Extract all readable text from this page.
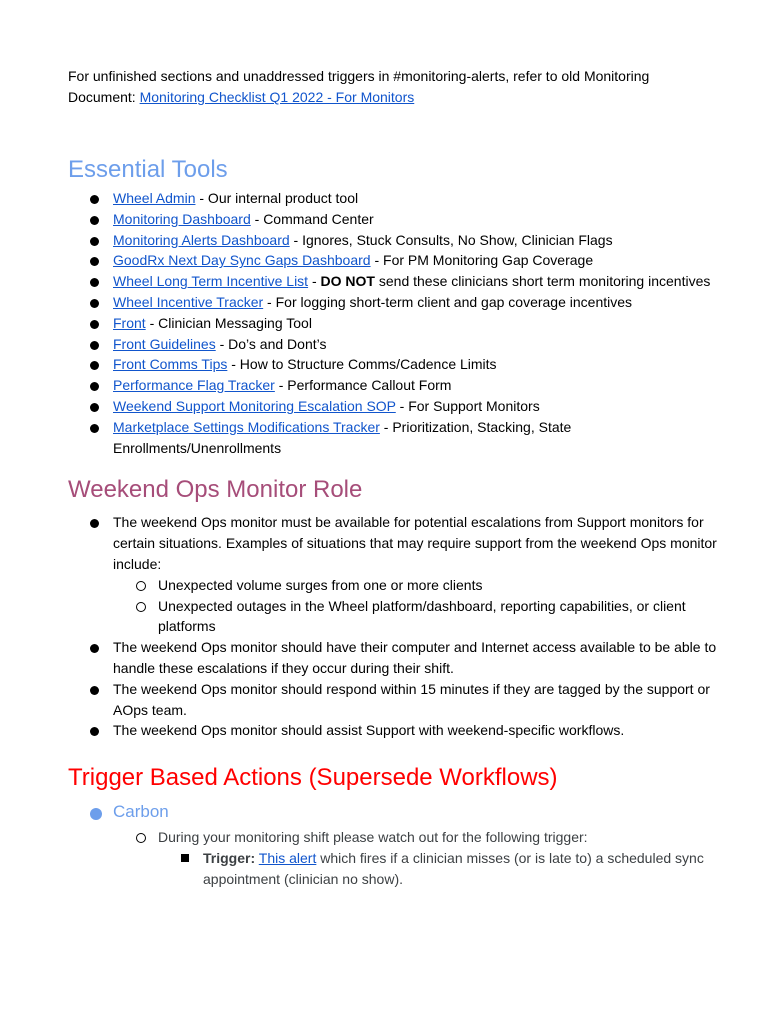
For unfinished sections and unaddressed triggers in #monitoring-alerts, refer to old Monitoring Document: Monitoring Checklist Q1 2022 - For Monitors

Essential Tools
Wheel Admin - Our internal product tool
Monitoring Dashboard - Command Center
Monitoring Alerts Dashboard - Ignores, Stuck Consults, No Show, Clinician Flags
GoodRx Next Day Sync Gaps Dashboard - For PM Monitoring Gap Coverage
Wheel Long Term Incentive List - DO NOT send these clinicians short term monitoring incentives
Wheel Incentive Tracker - For logging short-term client and gap coverage incentives
Front - Clinician Messaging Tool
Front Guidelines - Do’s and Dont’s
Front Comms Tips - How to Structure Comms/Cadence Limits
Performance Flag Tracker - Performance Callout Form
Weekend Support Monitoring Escalation SOP - For Support Monitors
Marketplace Settings Modifications Tracker - Prioritization, Stacking, State Enrollments/Unenrollments
Weekend Ops Monitor Role
The weekend Ops monitor must be available for potential escalations from Support monitors for certain situations. Examples of situations that may require support from the weekend Ops monitor include:
Unexpected volume surges from one or more clients
Unexpected outages in the Wheel platform/dashboard, reporting capabilities, or client platforms
The weekend Ops monitor should have their computer and Internet access available to be able to handle these escalations if they occur during their shift.
The weekend Ops monitor should respond within 15 minutes if they are tagged by the support or AOps team.
The weekend Ops monitor should assist Support with weekend-specific workflows.
Trigger Based Actions (Supersede Workflows)
Carbon
During your monitoring shift please watch out for the following trigger:
Trigger: This alert which fires if a clinician misses (or is late to) a scheduled sync appointment (clinician no show).
